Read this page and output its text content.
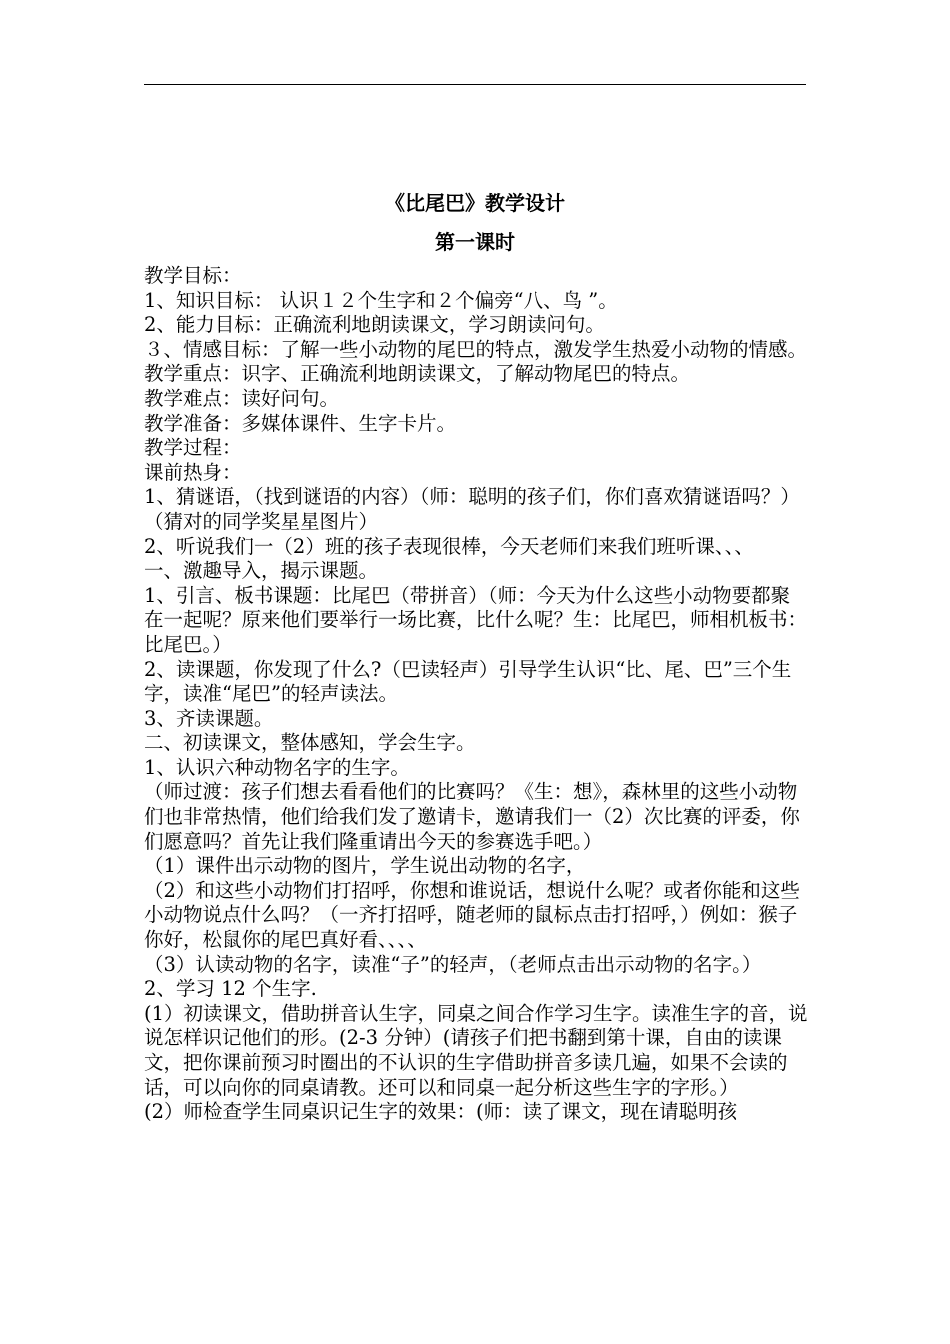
《比尾巴》教学设计
第一课时

教学目标：

1、知识目标： 认识１２个生字和２个偏旁“八、鸟 ”。

2、能力目标：正确流利地朗读课文，学习朗读问句。

３、情感目标：了解一些小动物的尾巴的特点，激发学生热爱小动物的情感。

教学重点：识字、正确流利地朗读课文，了解动物尾巴的特点。

教学难点：读好问句。

教学准备：多媒体课件、生字卡片。

教学过程：

课前热身：

1、猜谜语，（找到谜语的内容）（师：聪明的孩子们，你们喜欢猜谜语吗？）（猜对的同学奖星星图片）

2、听说我们一（2）班的孩子表现很棒，今天老师们来我们班听课、、、

一、激趣导入，揭示课题。

1、引言、板书课题：比尾巴（带拼音）（师：今天为什么这些小动物要都聚在一起呢？原来他们要举行一场比赛，比什么呢？生：比尾巴，师相机板书：比尾巴。）

2、读课题，你发现了什么?（巴读轻声）引导学生认识“比、尾、巴”三个生字，读准“尾巴”的轻声读法。

3、齐读课题。

二、初读课文，整体感知，学会生字。

1、认识六种动物名字的生字。

（师过渡：孩子们想去看看他们的比赛吗？《生：想》，森林里的这些小动物们也非常热情，他们给我们发了邀请卡，邀请我们一（2）次比赛的评委，你们愿意吗？首先让我们隆重请出今天的参赛选手吧。）

（1）课件出示动物的图片，学生说出动物的名字，

（2）和这些小动物们打招呼，你想和谁说话，想说什么呢？或者你能和这些小动物说点什么吗？（一齐打招呼，随老师的鼠标点击打招呼，）例如：猴子你好，松鼠你的尾巴真好看、、、、

（3）认读动物的名字，读准“子”的轻声，（老师点击出示动物的名字。）

2、学习 12 个生字.

(1）初读课文，借助拼音认生字，同桌之间合作学习生字。读准生字的音，说说怎样识记他们的形。(2-3 分钟）(请孩子们把书翻到第十课，自由的读课文，把你课前预习时圈出的不认识的生字借助拼音多读几遍，如果不会读的话，可以向你的同桌请教。还可以和同桌一起分析这些生字的字形。）

(2）师检查学生同桌识记生字的效果：(师：读了课文，现在请聪明孩
